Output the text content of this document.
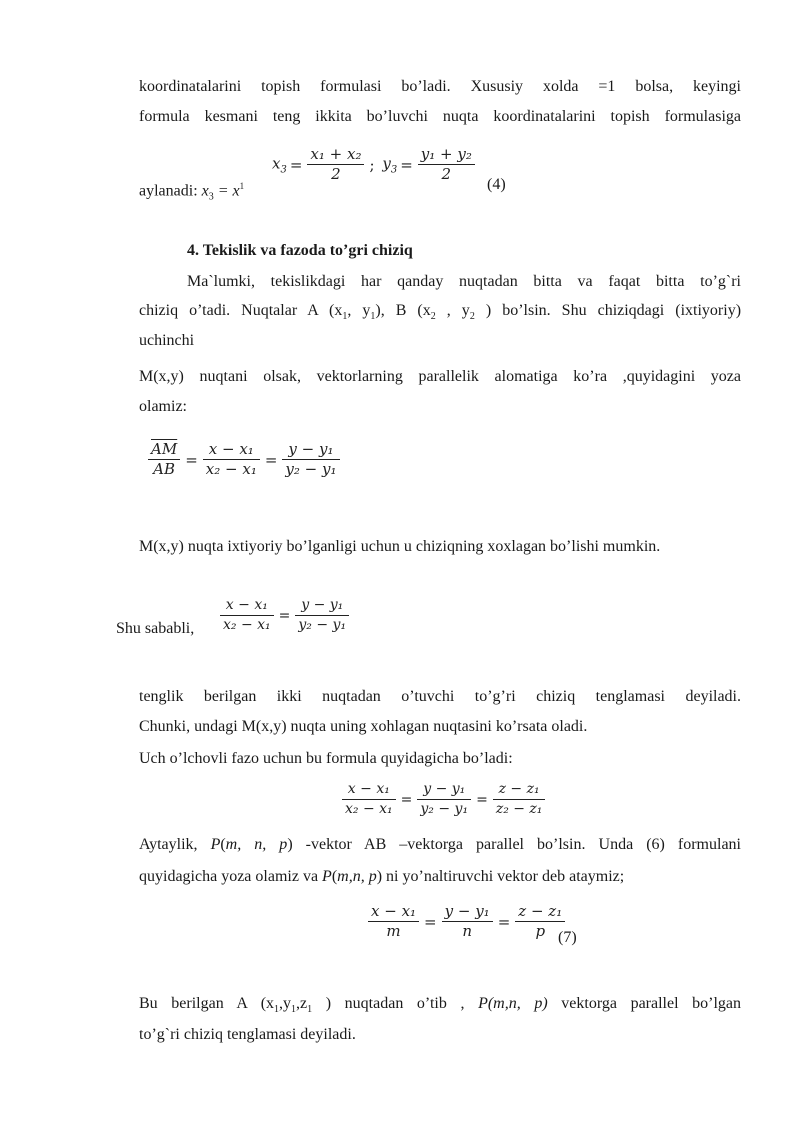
koordinatalarini topish formulasi bo’ladi. Xususiy xolda =1 bolsa, keyingi
formula kesmani teng ikkita bo’luvchi nuqta koordinatalarini topish formulasiga
aylanadi: $x_3 = x^1$
$x_3 = \frac{\text{x₁ + x₂}}{2}$ ; $y_3 = \frac{\text{y₁ + y₂}}{2}$
(4)
4. Tekislik va fazoda to’gri chiziq
Ma`lumki, tekislikdagi har qanday nuqtadan bitta va faqat bitta to’g`ri
chiziq o’tadi. Nuqtalar A ($x_1$, $y_1$), B ($x_2$ , $y_2$ ) bo’lsin. Shu chiziqdagi (ixtiyoriy)
uchinchi
M(x,y) nuqtani olsak, vektorlarning parallelik alomatiga ko’ra ,quyidagini yoza
olamiz:
$\frac{\overline{AM}}{AB} = \frac{\text{x − x₁}}{\text{x₂ − x₁}} = \frac{\text{y − y₁}}{\text{y₂ − y₁}}$
M(x,y) nuqta ixtiyoriy bo’lganligi uchun u chiziqning xoxlagan bo’lishi mumkin.
Shu sababli, $\frac{\text{x − x₁}}{\text{x₂ − x₁}} = \frac{\text{y − y₁}}{\text{y₂ − y₁}}$
tenglik berilgan ikki nuqtadan o’tuvchi to’g’ri chiziq tenglamasi deyiladi.
Chunki, undagi M(x,y) nuqta uning xohlagan nuqtasini ko’rsata oladi.
Uch o’lchovli fazo uchun bu formula quyidagicha bo’ladi:
$\frac{\text{x − x₁}}{\text{x₂ − x₁}} = \frac{\text{y − y₁}}{\text{y₂ − y₁}} = \frac{\text{z − z₁}}{\text{z₂ − z₁}}$
Aytaylik, P(m, n, p) -vektor AB –vektorga parallel bo’lsin. Unda (6) formulani
quyidagicha yoza olamiz va P(m,n, p) ni yo’naltiruvchi vektor deb ataymiz;
$\frac{\text{x − x₁}}{m} = \frac{\text{y − y₁}}{n} = \frac{\text{z − z₁}}{p}$
(7)
Bu berilgan A ($x_1,y_1,z_1$ ) nuqtadan o’tib , P(m,n, p) vektorga parallel bo’lgan
to’g`ri chiziq tenglamasi deyiladi.
